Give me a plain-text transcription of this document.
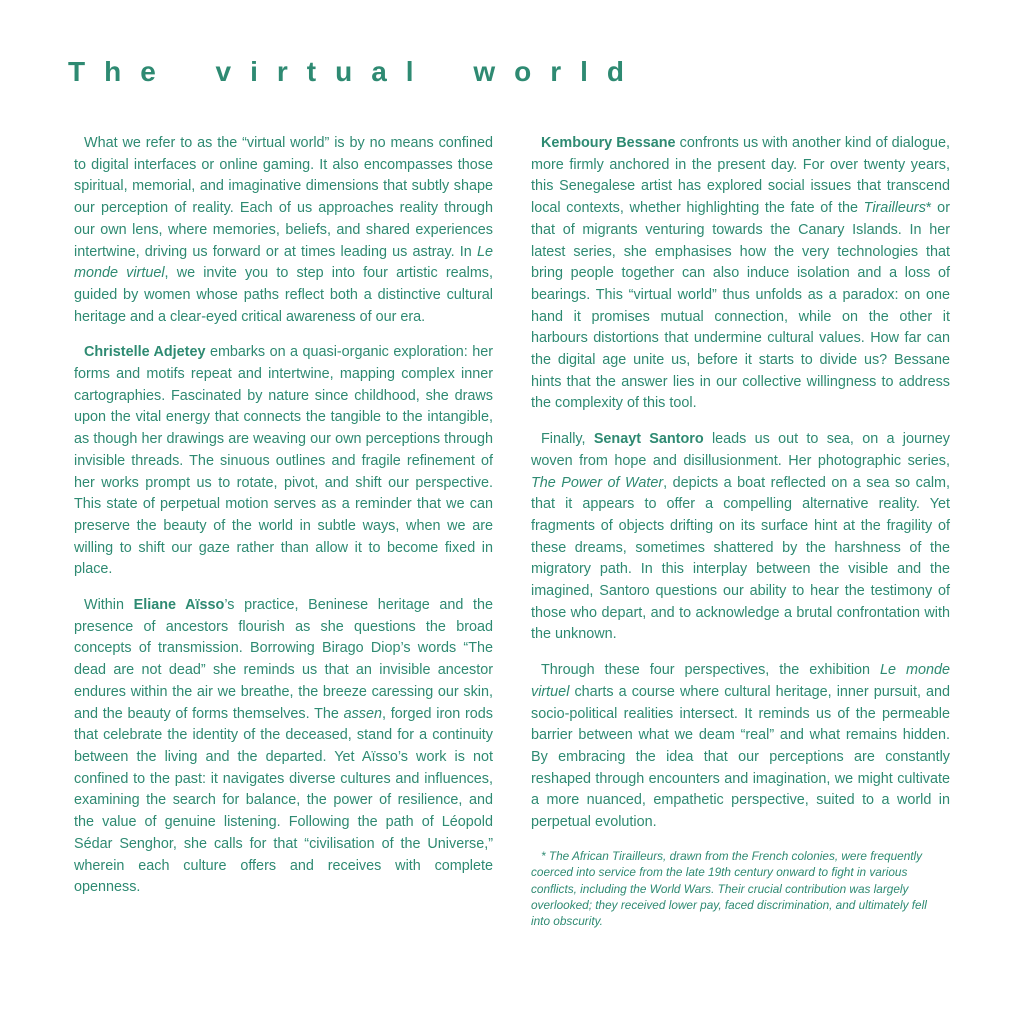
The virtual world

What we refer to as the “virtual world” is by no means confined to digital interfaces or online gaming. It also encompasses those spiritual, memorial, and imaginative dimensions that subtly shape our perception of reality. Each of us approaches reality through our own lens, where memories, beliefs, and shared experiences intertwine, driving us forward or at times leading us astray. In Le monde virtuel, we invite you to step into four artistic realms, guided by women whose paths reflect both a distinctive cultural heritage and a clear-eyed critical awareness of our era.

Christelle Adjetey embarks on a quasi-organic exploration: her forms and motifs repeat and intertwine, mapping complex inner cartographies. Fascinated by nature since childhood, she draws upon the vital energy that connects the tangible to the intangible, as though her drawings are weaving our own perceptions through invisible threads. The sinuous outlines and fragile refinement of her works prompt us to rotate, pivot, and shift our perspective. This state of perpetual motion serves as a reminder that we can preserve the beauty of the world in subtle ways, when we are willing to shift our gaze rather than allow it to become fixed in place.

Within Eliane Aïsso’s practice, Beninese heritage and the presence of ancestors flourish as she questions the broad concepts of transmission. Borrowing Birago Diop’s words “The dead are not dead” she reminds us that an invisible ancestor endures within the air we breathe, the breeze caressing our skin, and the beauty of forms themselves. The assen, forged iron rods that celebrate the identity of the deceased, stand for a continuity between the living and the departed. Yet Aïsso’s work is not confined to the past: it navigates diverse cultures and influences, examining the search for balance, the power of resilience, and the value of genuine listening. Following the path of Léopold Sédar Senghor, she calls for that “civilisation of the Universe,” wherein each culture offers and receives with complete openness.

Kemboury Bessane confronts us with another kind of dialogue, more firmly anchored in the present day. For over twenty years, this Senegalese artist has explored social issues that transcend local contexts, whether highlighting the fate of the Tirailleurs* or that of migrants venturing towards the Canary Islands. In her latest series, she emphasises how the very technologies that bring people together can also induce isolation and a loss of bearings. This “virtual world” thus unfolds as a paradox: on one hand it promises mutual connection, while on the other it harbours distortions that undermine cultural values. How far can the digital age unite us, before it starts to divide us? Bessane hints that the answer lies in our collective willingness to address the complexity of this tool.

Finally, Senayt Santoro leads us out to sea, on a journey woven from hope and disillusionment. Her photographic series, The Power of Water, depicts a boat reflected on a sea so calm, that it appears to offer a compelling alternative reality. Yet fragments of objects drifting on its surface hint at the fragility of these dreams, sometimes shattered by the harshness of the migratory path. In this interplay between the visible and the imagined, Santoro questions our ability to hear the testimony of those who depart, and to acknowledge a brutal confrontation with the unknown.

Through these four perspectives, the exhibition Le monde virtuel charts a course where cultural heritage, inner pursuit, and socio-political realities intersect. It reminds us of the permeable barrier between what we deam “real” and what remains hidden. By embracing the idea that our perceptions are constantly reshaped through encounters and imagination, we might cultivate a more nuanced, empathetic perspective, suited to a world in perpetual evolution.

* The African Tirailleurs, drawn from the French colonies, were frequently coerced into service from the late 19th century onward to fight in various conflicts, including the World Wars. Their crucial contribution was largely overlooked; they received lower pay, faced discrimination, and ultimately fell into obscurity.
